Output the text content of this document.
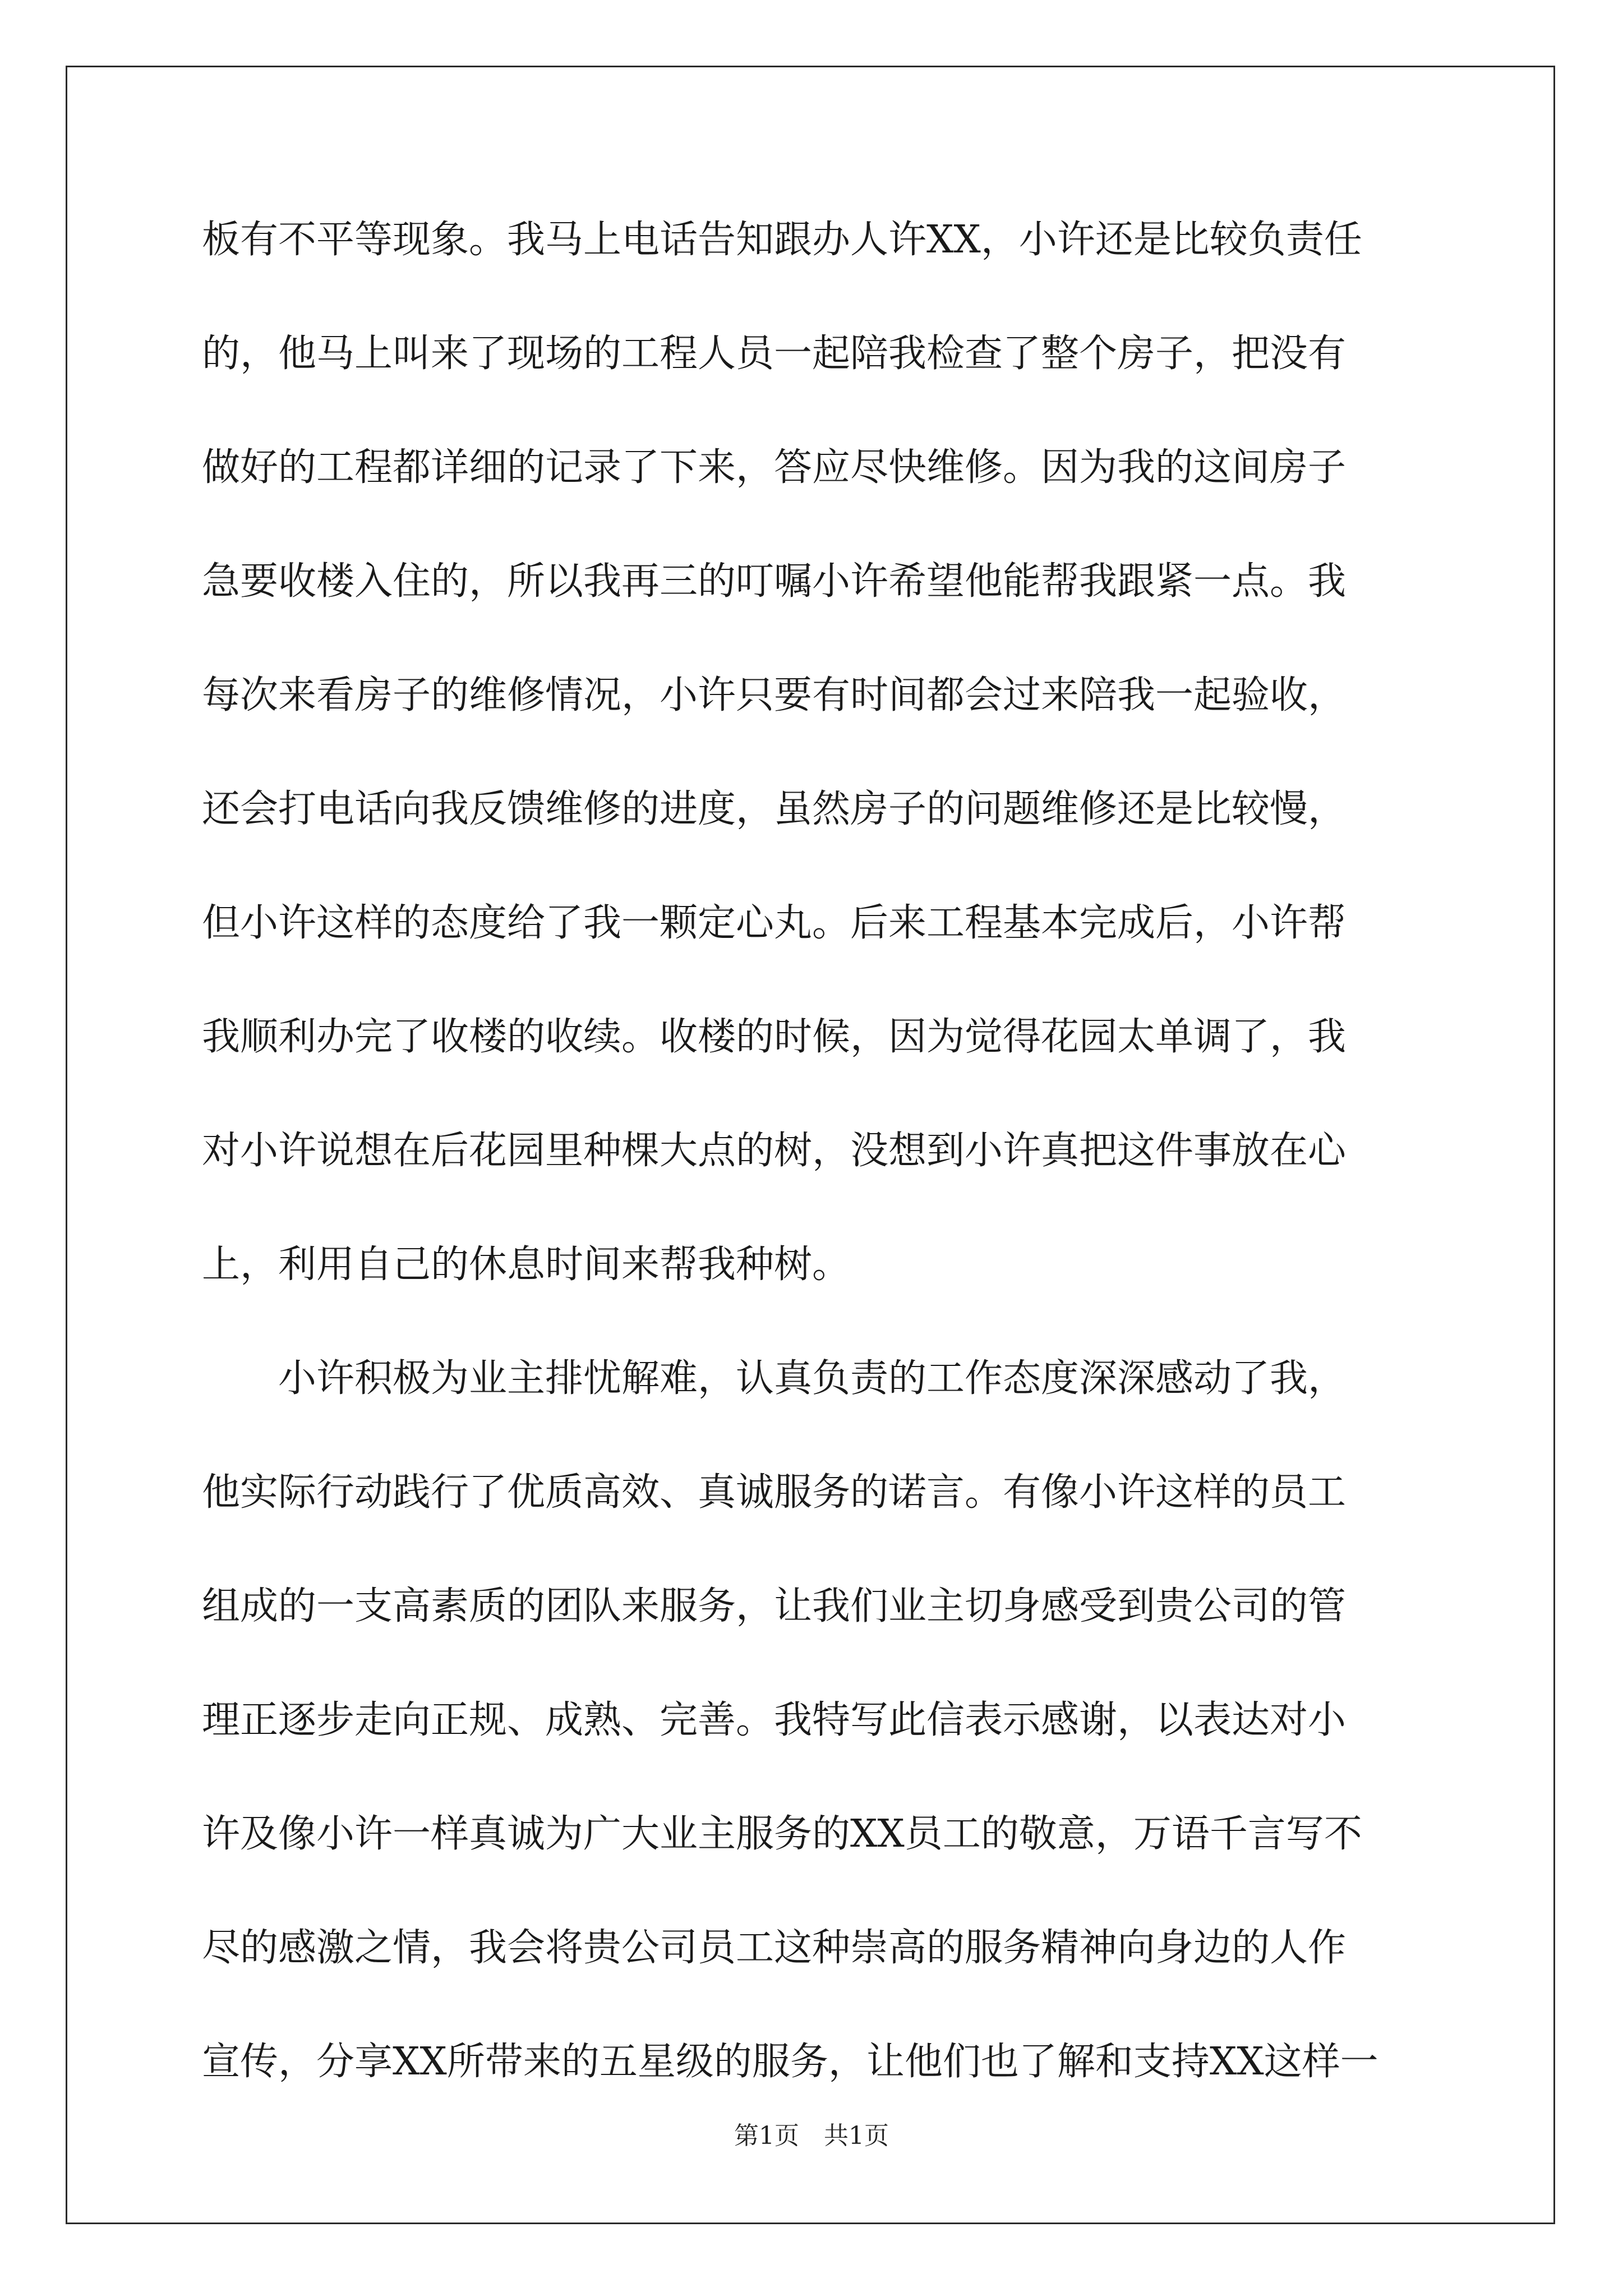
板有不平等现象。我马上电话告知跟办人许XX，小许还是比较负责任
的，他马上叫来了现场的工程人员一起陪我检查了整个房子，把没有
做好的工程都详细的记录了下来，答应尽快维修。因为我的这间房子
急要收楼入住的，所以我再三的叮嘱小许希望他能帮我跟紧一点。我
每次来看房子的维修情况，小许只要有时间都会过来陪我一起验收，
还会打电话向我反馈维修的进度，虽然房子的问题维修还是比较慢，
但小许这样的态度给了我一颗定心丸。后来工程基本完成后，小许帮
我顺利办完了收楼的收续。收楼的时候，因为觉得花园太单调了，我
对小许说想在后花园里种棵大点的树，没想到小许真把这件事放在心
上，利用自己的休息时间来帮我种树。
　　小许积极为业主排忧解难，认真负责的工作态度深深感动了我，
他实际行动践行了优质高效、真诚服务的诺言。有像小许这样的员工
组成的一支高素质的团队来服务，让我们业主切身感受到贵公司的管
理正逐步走向正规、成熟、完善。我特写此信表示感谢，以表达对小
许及像小许一样真诚为广大业主服务的XX员工的敬意，万语千言写不
尽的感激之情，我会将贵公司员工这种崇高的服务精神向身边的人作
宣传，分享XX所带来的五星级的服务，让他们也了解和支持XX这样一
第1页　共1页
